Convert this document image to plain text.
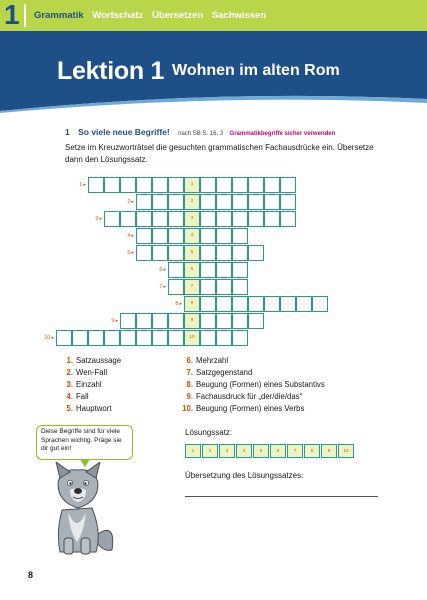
1 Grammatik Wortschatz Übersetzen Sachwissen
Lektion 1 Wohnen im alten Rom
1 So viele neue Begriffe! nach SB S. 16, 3 Grammatikbegriffe sicher verwenden
Setze im Kreuzworträtsel die gesuchten grammatischen Fachausdrücke ein. Übersetze dann den Lösungssatz.
1
1 ▸
2
2 ▸
3
3 ▸
4
4 ▸
5
5 ▸
6
6 ▸
7
7 ▸
8
8 ▸
9
9 ▸
10
10 ▸
1. Satzaussage
2. Wen-Fall
3. Einzahl
4. Fall
5. Hauptwort
6. Mehrzahl
7. Satzgegenstand
8. Beugung (Formen) eines Substantivs
9. Fachausdruck für „der/die/das“
10. Beugung (Formen) eines Verbs
Diese Begriffe sind für viele Sprachen wichtig. Präge sie dir gut ein!
Lösungssatz:
1	2	3	4	5	6	7	8	9	10
Übersetzung des Lösungssatzes:
8
